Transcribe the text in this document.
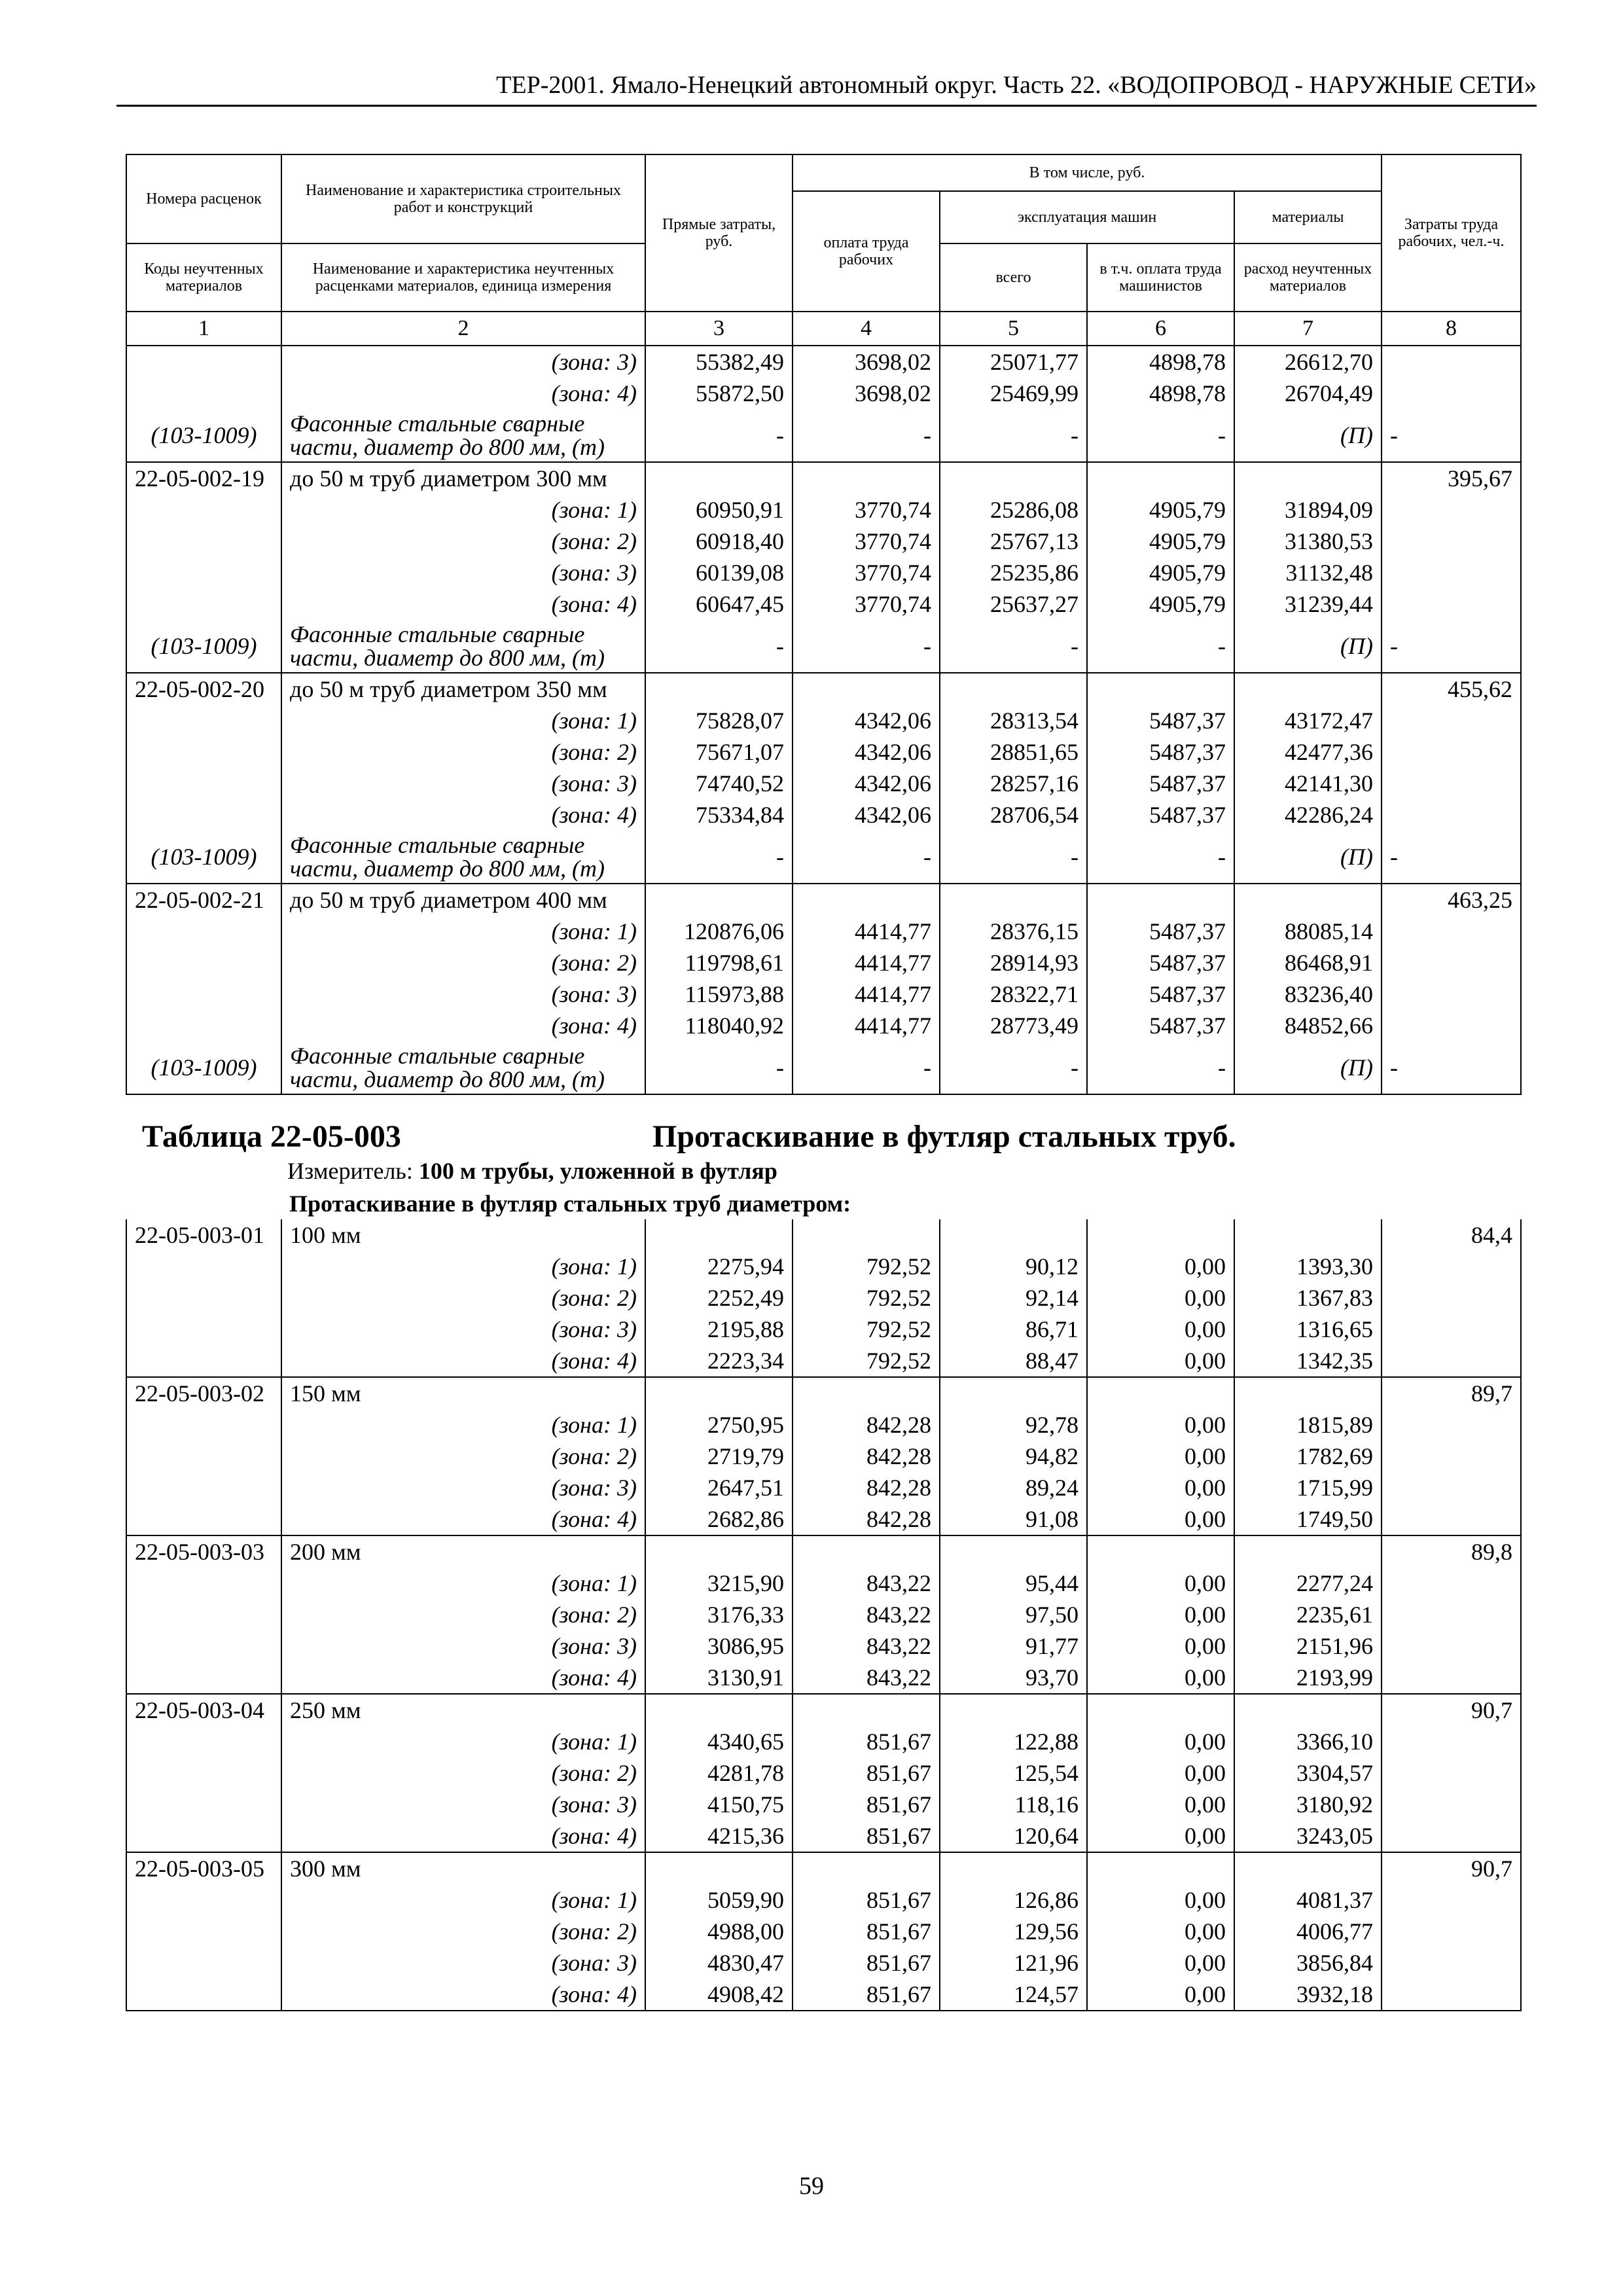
ТЕР-2001. Ямало-Ненецкий автономный округ. Часть 22. «ВОДОПРОВОД - НАРУЖНЫЕ СЕТИ»
Номера расценок	Наименование и характеристика строительных работ и конструкций	Прямые затраты, руб.	В том числе, руб.				Затраты труда рабочих, чел.-ч.
			оплата труда рабочих	эксплуатация машин		материалы	
Коды неучтенных материалов	Наименование и характеристика неучтенных расценками материалов, единица измерения			всего	в т.ч. оплата труда машинистов	расход неучтенных материалов	
1	2	3	4	5	6	7	8
	(зона: 3)	55382,49	3698,02	25071,77	4898,78	26612,70	
	(зона: 4)	55872,50	3698,02	25469,99	4898,78	26704,49	
(103-1009)	Фасонные стальные сварные части, диаметр до 800 мм, (т)	-	-	-	-	(П)	-
22-05-002-19	до 50 м труб диаметром 300 мм						395,67
	(зона: 1)	60950,91	3770,74	25286,08	4905,79	31894,09	
	(зона: 2)	60918,40	3770,74	25767,13	4905,79	31380,53	
	(зона: 3)	60139,08	3770,74	25235,86	4905,79	31132,48	
	(зона: 4)	60647,45	3770,74	25637,27	4905,79	31239,44	
(103-1009)	Фасонные стальные сварные части, диаметр до 800 мм, (т)	-	-	-	-	(П)	-
22-05-002-20	до 50 м труб диаметром 350 мм						455,62
	(зона: 1)	75828,07	4342,06	28313,54	5487,37	43172,47	
	(зона: 2)	75671,07	4342,06	28851,65	5487,37	42477,36	
	(зона: 3)	74740,52	4342,06	28257,16	5487,37	42141,30	
	(зона: 4)	75334,84	4342,06	28706,54	5487,37	42286,24	
(103-1009)	Фасонные стальные сварные части, диаметр до 800 мм, (т)	-	-	-	-	(П)	-
22-05-002-21	до 50 м труб диаметром 400 мм						463,25
	(зона: 1)	120876,06	4414,77	28376,15	5487,37	88085,14	
	(зона: 2)	119798,61	4414,77	28914,93	5487,37	86468,91	
	(зона: 3)	115973,88	4414,77	28322,71	5487,37	83236,40	
	(зона: 4)	118040,92	4414,77	28773,49	5487,37	84852,66	
(103-1009)	Фасонные стальные сварные части, диаметр до 800 мм, (т)	-	-	-	-	(П)	-

Таблица 22-05-003 Протаскивание в футляр стальных труб.
Измеритель: 100 м трубы, уложенной в футляр							

	Протаскивание в футляр стальных труб диаметром:						
22-05-003-01	100 мм						84,4
	(зона: 1)	2275,94	792,52	90,12	0,00	1393,30	
	(зона: 2)	2252,49	792,52	92,14	0,00	1367,83	
	(зона: 3)	2195,88	792,52	86,71	0,00	1316,65	
	(зона: 4)	2223,34	792,52	88,47	0,00	1342,35	
22-05-003-02	150 мм						89,7
	(зона: 1)	2750,95	842,28	92,78	0,00	1815,89	
	(зона: 2)	2719,79	842,28	94,82	0,00	1782,69	
	(зона: 3)	2647,51	842,28	89,24	0,00	1715,99	
	(зона: 4)	2682,86	842,28	91,08	0,00	1749,50	
22-05-003-03	200 мм						89,8
	(зона: 1)	3215,90	843,22	95,44	0,00	2277,24	
	(зона: 2)	3176,33	843,22	97,50	0,00	2235,61	
	(зона: 3)	3086,95	843,22	91,77	0,00	2151,96	
	(зона: 4)	3130,91	843,22	93,70	0,00	2193,99	
22-05-003-04	250 мм						90,7
	(зона: 1)	4340,65	851,67	122,88	0,00	3366,10	
	(зона: 2)	4281,78	851,67	125,54	0,00	3304,57	
	(зона: 3)	4150,75	851,67	118,16	0,00	3180,92	
	(зона: 4)	4215,36	851,67	120,64	0,00	3243,05	
22-05-003-05	300 мм						90,7
	(зона: 1)	5059,90	851,67	126,86	0,00	4081,37	
	(зона: 2)	4988,00	851,67	129,56	0,00	4006,77	
	(зона: 3)	4830,47	851,67	121,96	0,00	3856,84	
	(зона: 4)	4908,42	851,67	124,57	0,00	3932,18	
59
